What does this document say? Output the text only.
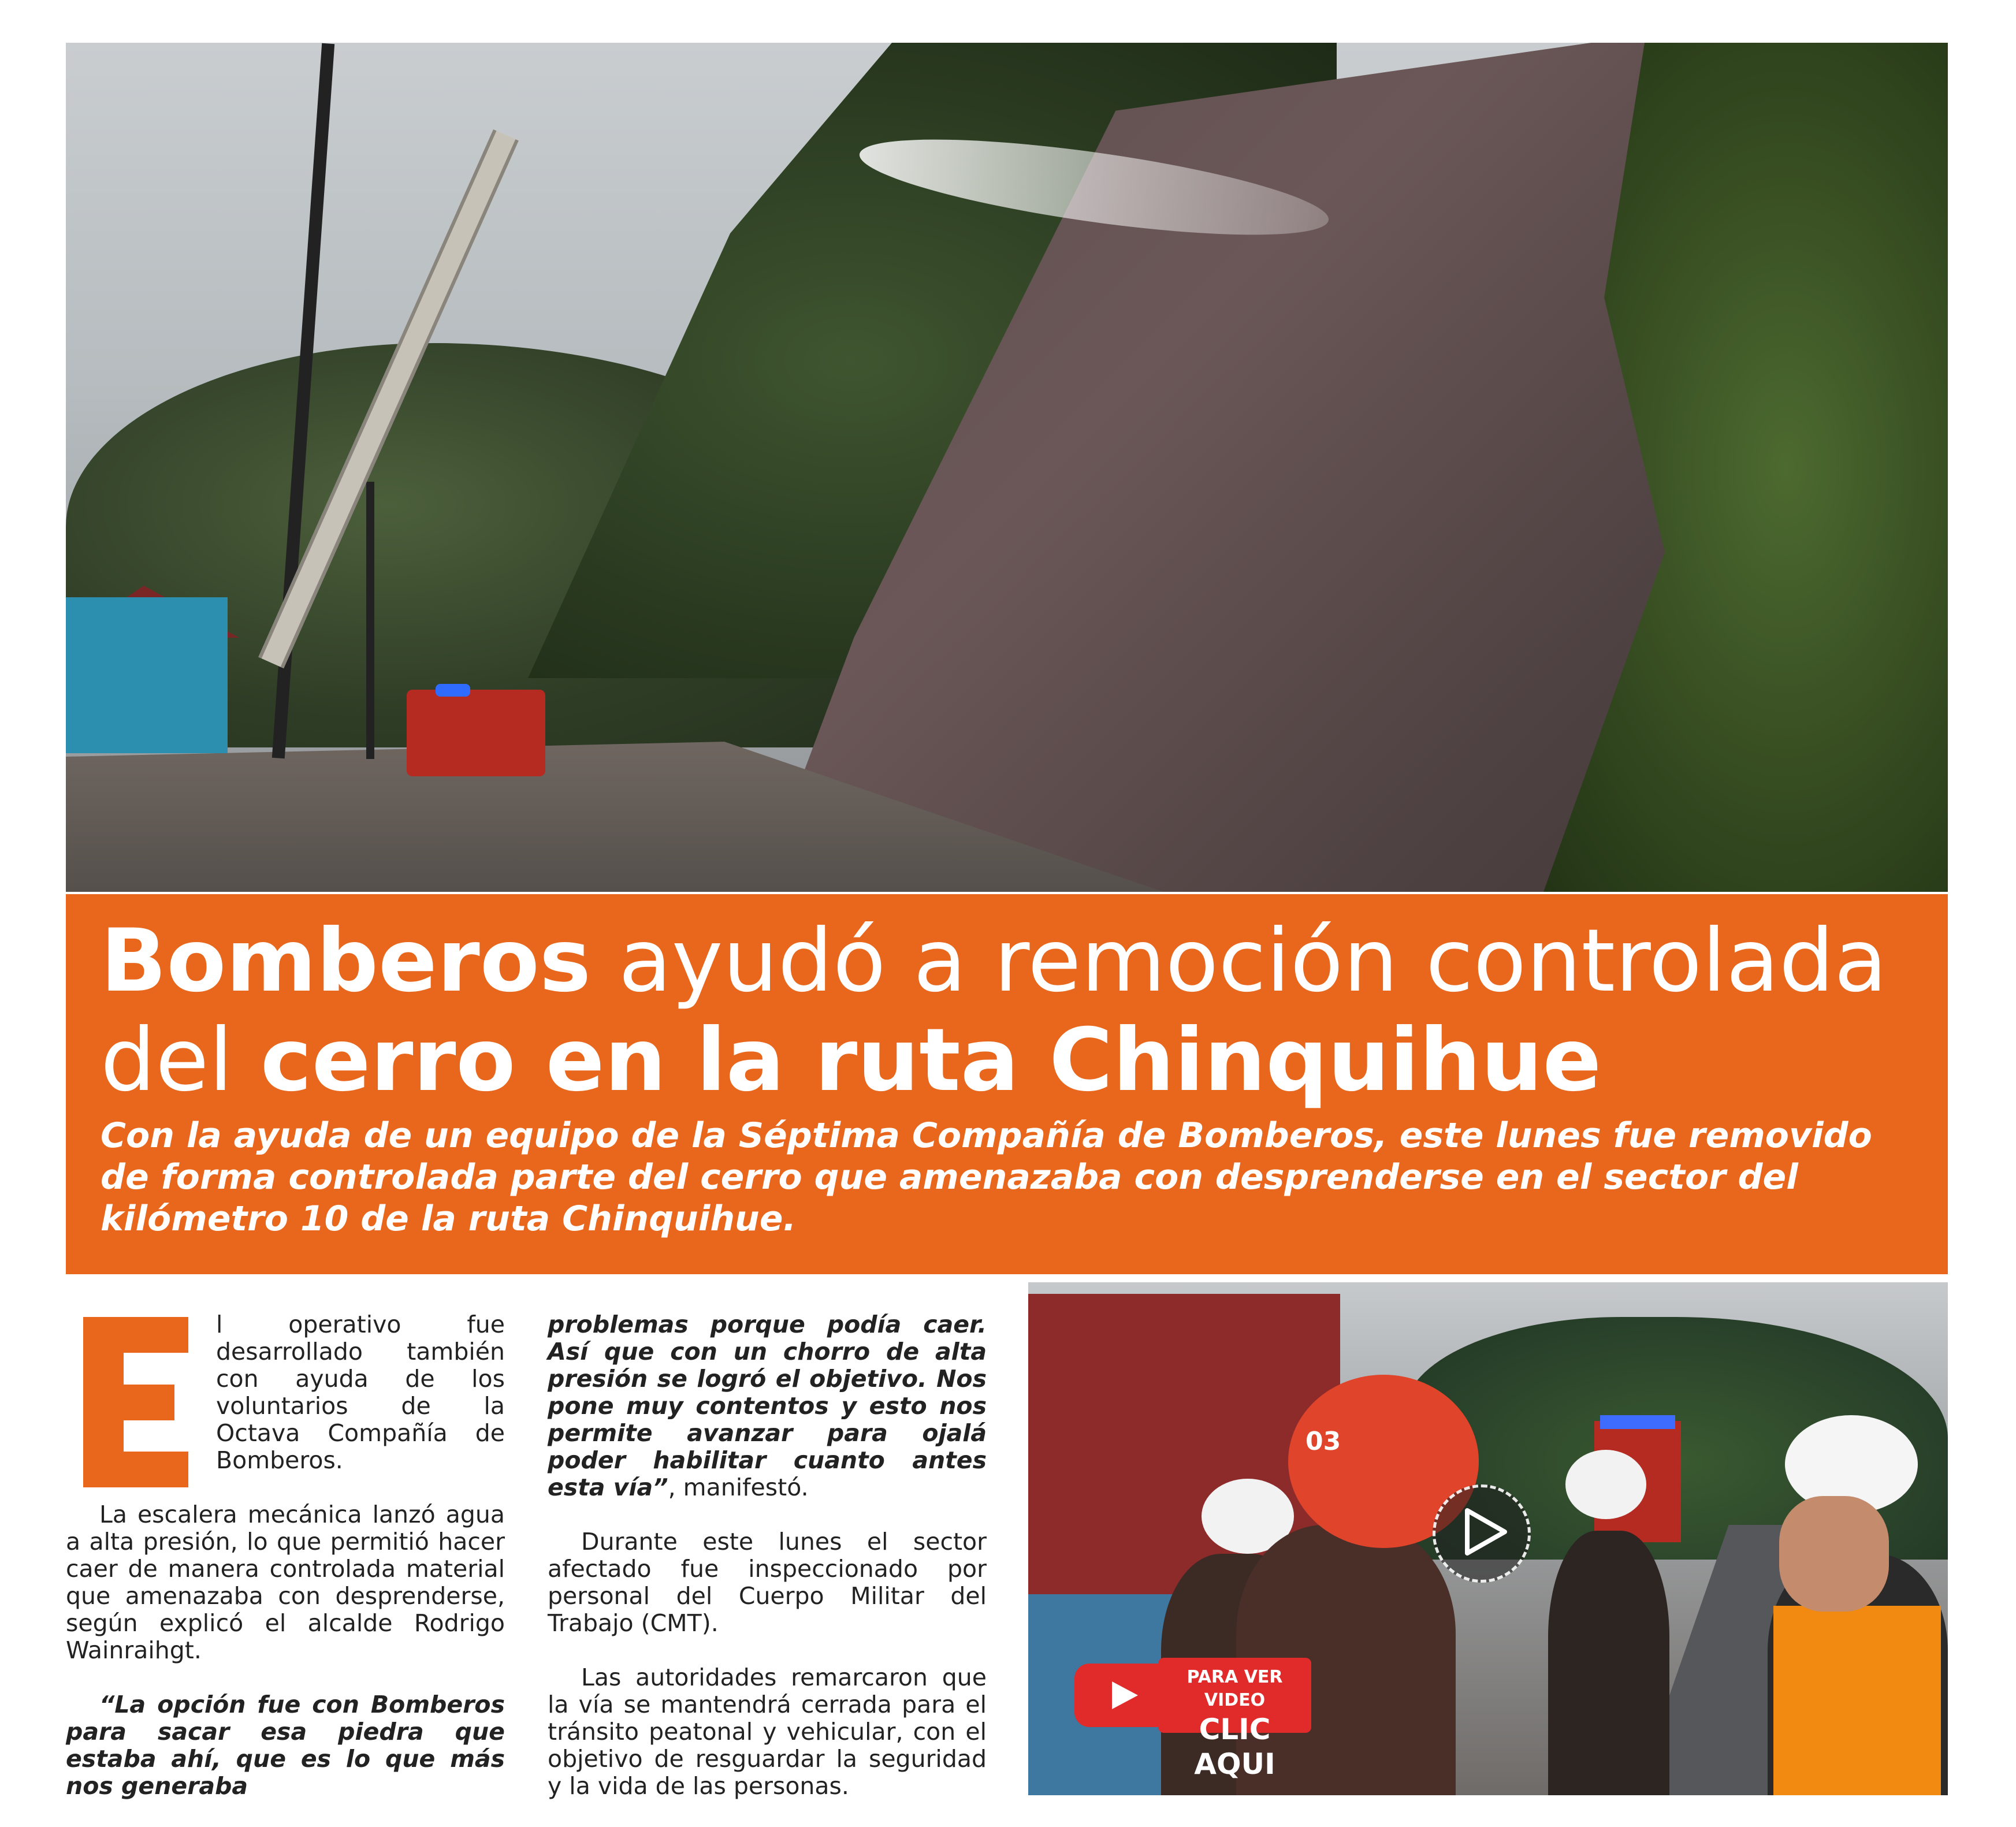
Bomberos ayudó a remoción controlada
del cerro en la ruta Chinquihue

Con la ayuda de un equipo de la Séptima Compañía de Bomberos, este lunes fue removido de forma controlada parte del cerro que amenazaba con desprenderse en el sector del kilómetro 10 de la ruta Chinquihue.

l operativo fue desarrollado también con ayuda de los voluntarios de la Octava Compañía de Bomberos.

La escalera mecánica lanzó agua a alta presión, lo que permitió hacer caer de manera controlada material que amenazaba con desprenderse, según explicó el alcalde Rodrigo Wainraihgt.

“La opción fue con Bomberos para sacar esa piedra que estaba ahí, que es lo que más nos generaba

problemas porque podía caer. Así que con un chorro de alta presión se logró el objetivo. Nos pone muy contentos y esto nos permite avanzar para ojalá poder habilitar cuanto antes esta vía”, manifestó.

Durante este lunes el sector afectado fue inspeccionado por personal del Cuerpo Militar del Trabajo (CMT).

Las autoridades remarcaron que la vía se mantendrá cerrada para el tránsito peatonal y vehicular, con el objetivo de resguardar la seguridad y la vida de las personas.

03
PARA VER VIDEO
CLIC AQUI
